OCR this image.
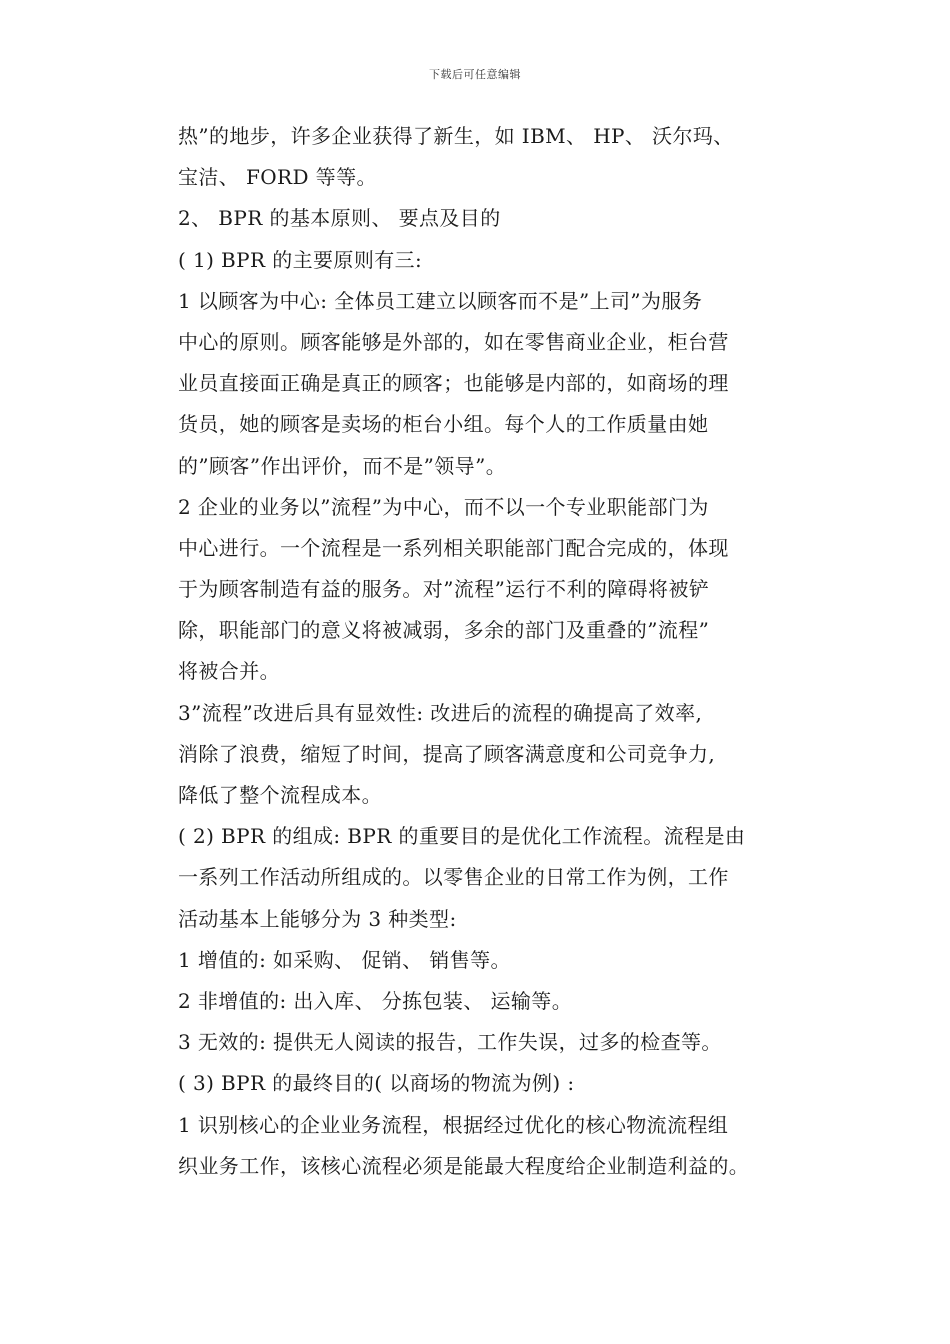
下载后可任意编辑
热”的地步，许多企业获得了新生，如 IBM、 HP、 沃尔玛、
宝洁、 FORD 等等。
2、 BPR 的基本原则、 要点及目的
( 1) BPR 的主要原则有三:
1 以顾客为中心: 全体员工建立以顾客而不是”上司”为服务
中心的原则。顾客能够是外部的，如在零售商业企业，柜台营
业员直接面正确是真正的顾客；也能够是内部的，如商场的理
货员，她的顾客是卖场的柜台小组。每个人的工作质量由她
的”顾客”作出评价，而不是”领导”。
2 企业的业务以”流程”为中心，而不以一个专业职能部门为
中心进行。一个流程是一系列相关职能部门配合完成的，体现
于为顾客制造有益的服务。对”流程”运行不利的障碍将被铲
除，职能部门的意义将被减弱，多余的部门及重叠的”流程”
将被合并。
3”流程”改进后具有显效性: 改进后的流程的确提高了效率,
消除了浪费，缩短了时间，提高了顾客满意度和公司竞争力,
降低了整个流程成本。
( 2) BPR 的组成: BPR 的重要目的是优化工作流程。流程是由
一系列工作活动所组成的。以零售企业的日常工作为例，工作
活动基本上能够分为 3 种类型:
1 增值的: 如采购、 促销、 销售等。
2 非增值的: 出入库、 分拣包装、 运输等。
3 无效的: 提供无人阅读的报告，工作失误，过多的检查等。
( 3) BPR 的最终目的( 以商场的物流为例) :
1 识别核心的企业业务流程，根据经过优化的核心物流流程组
织业务工作，该核心流程必须是能最大程度给企业制造利益的。
